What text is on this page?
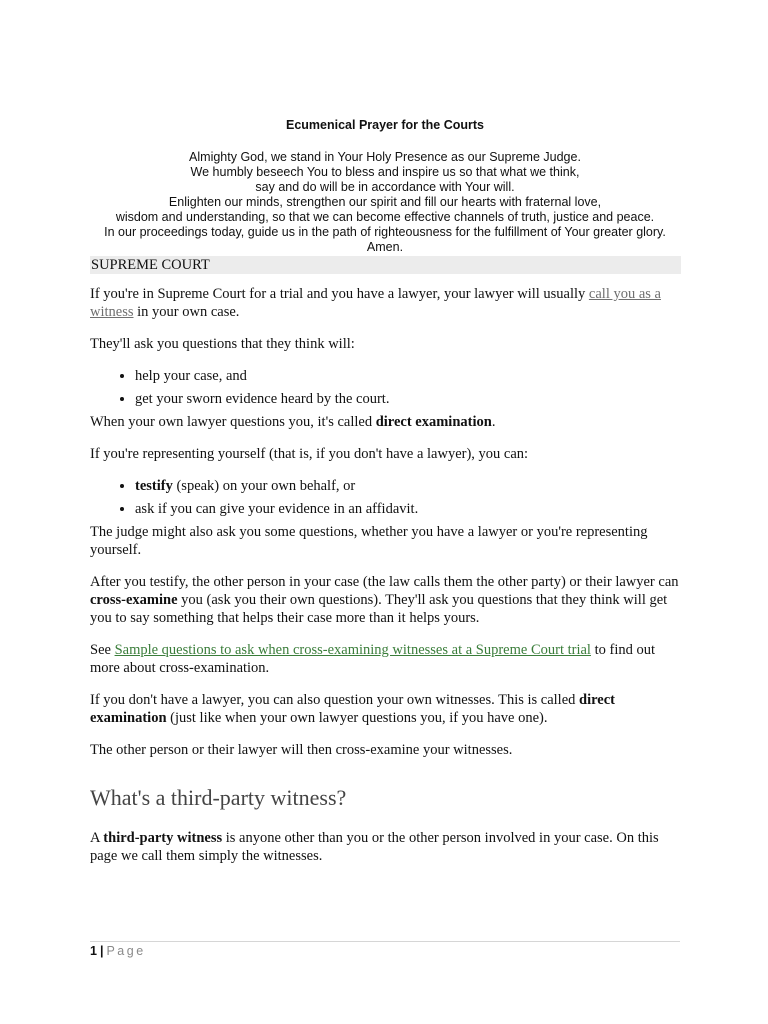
Ecumenical Prayer for the Courts

Almighty God, we stand in Your Holy Presence as our Supreme Judge.

We humbly beseech You to bless and inspire us so that what we think,

say and do will be in accordance with Your will.

Enlighten our minds, strengthen our spirit and fill our hearts with fraternal love,

wisdom and understanding, so that we can become effective channels of truth, justice and peace.

In our proceedings today, guide us in the path of righteousness for the fulfillment of Your greater glory.

Amen.

SUPREME COURT

If you're in Supreme Court for a trial and you have a lawyer, your lawyer will usually call you as a witness in your own case.

They'll ask you questions that they think will:

• help your case, and
• get your sworn evidence heard by the court.

When your own lawyer questions you, it's called direct examination.

If you're representing yourself (that is, if you don't have a lawyer), you can:

• testify (speak) on your own behalf, or
• ask if you can give your evidence in an affidavit.

The judge might also ask you some questions, whether you have a lawyer or you're representing yourself.

After you testify, the other person in your case (the law calls them the other party) or their lawyer can cross-examine you (ask you their own questions). They'll ask you questions that they think will get you to say something that helps their case more than it helps yours.

See Sample questions to ask when cross-examining witnesses at a Supreme Court trial to find out more about cross-examination.

If you don't have a lawyer, you can also question your own witnesses. This is called direct examination (just like when your own lawyer questions you, if you have one).

The other person or their lawyer will then cross-examine your witnesses.

What's a third-party witness?

A third-party witness is anyone other than you or the other person involved in your case. On this page we call them simply the witnesses.

1 | Page
